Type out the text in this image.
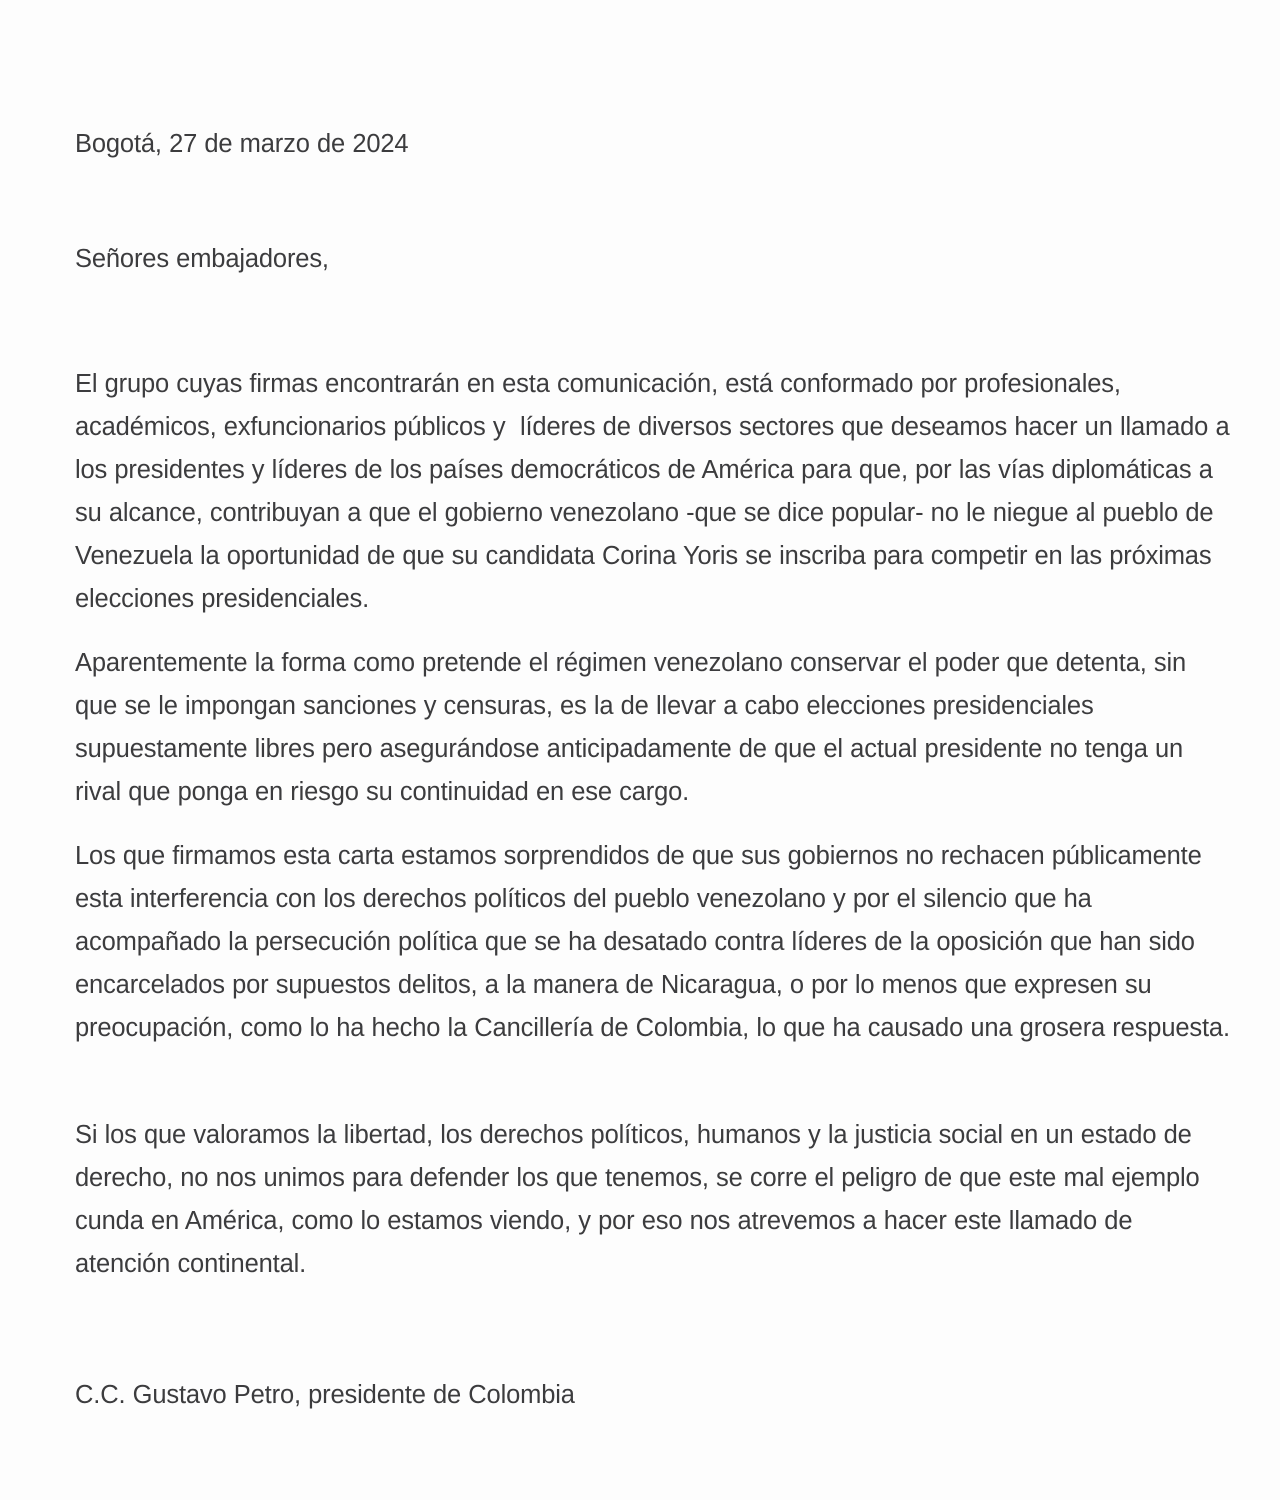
Bogotá, 27 de marzo de 2024

Señores embajadores,

El grupo cuyas firmas encontrarán en esta comunicación, está conformado por profesionales, académicos, exfuncionarios públicos y  líderes de diversos sectores que deseamos hacer un llamado a los presidentes y líderes de los países democráticos de América para que, por las vías diplomáticas a su alcance, contribuyan a que el gobierno venezolano -que se dice popular- no le niegue al pueblo de Venezuela la oportunidad de que su candidata Corina Yoris se inscriba para competir en las próximas elecciones presidenciales.

Aparentemente la forma como pretende el régimen venezolano conservar el poder que detenta, sin que se le impongan sanciones y censuras, es la de llevar a cabo elecciones presidenciales supuestamente libres pero asegurándose anticipadamente de que el actual presidente no tenga un rival que ponga en riesgo su continuidad en ese cargo.

Los que firmamos esta carta estamos sorprendidos de que sus gobiernos no rechacen públicamente esta interferencia con los derechos políticos del pueblo venezolano y por el silencio que ha acompañado la persecución política que se ha desatado contra líderes de la oposición que han sido encarcelados por supuestos delitos, a la manera de Nicaragua, o por lo menos que expresen su preocupación, como lo ha hecho la Cancillería de Colombia, lo que ha causado una grosera respuesta.

Si los que valoramos la libertad, los derechos políticos, humanos y la justicia social en un estado de derecho, no nos unimos para defender los que tenemos, se corre el peligro de que este mal ejemplo cunda en América, como lo estamos viendo, y por eso nos atrevemos a hacer este llamado de atención continental.

C.C. Gustavo Petro, presidente de Colombia
